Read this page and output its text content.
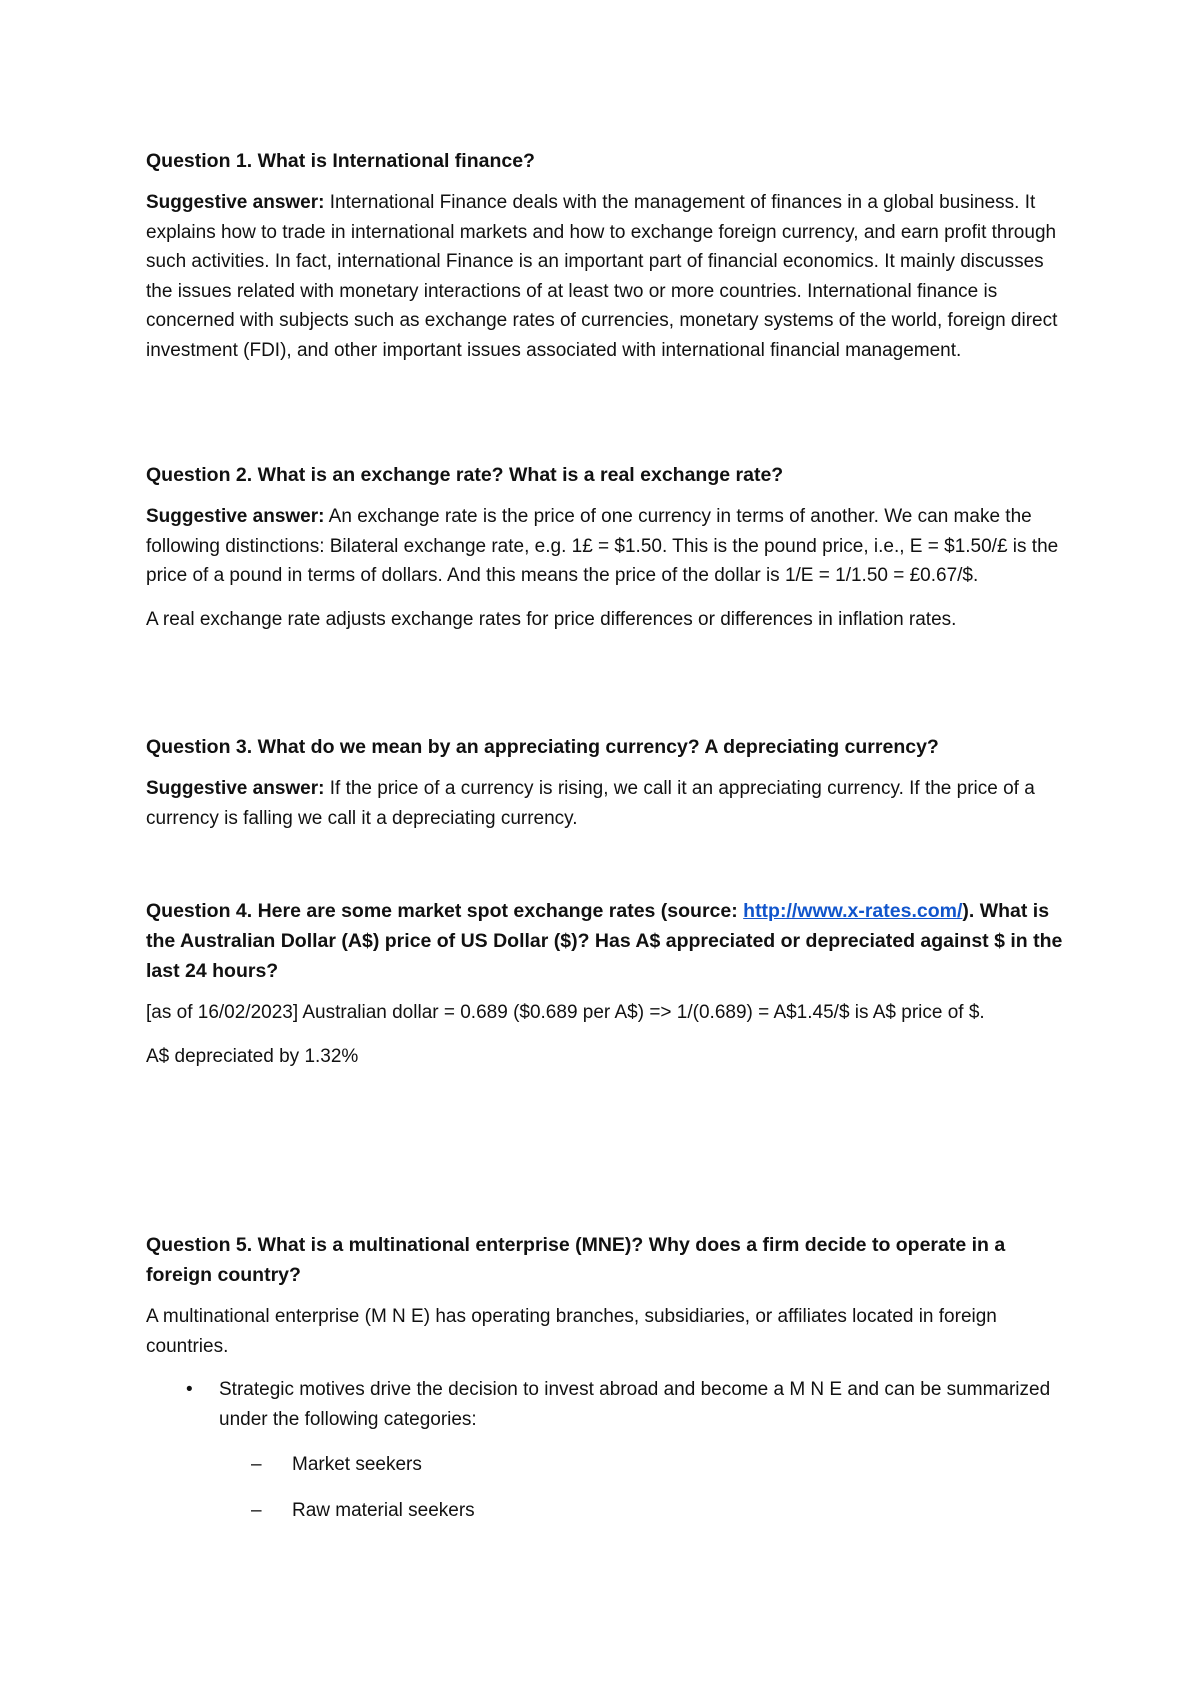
Question 1. What is International finance?

Suggestive answer: International Finance deals with the management of finances in a global business. It explains how to trade in international markets and how to exchange foreign currency, and earn profit through such activities. In fact, international Finance is an important part of financial economics. It mainly discusses the issues related with monetary interactions of at least two or more countries. International finance is concerned with subjects such as exchange rates of currencies, monetary systems of the world, foreign direct investment (FDI), and other important issues associated with international financial management.

Question 2. What is an exchange rate? What is a real exchange rate?

Suggestive answer: An exchange rate is the price of one currency in terms of another. We can make the following distinctions: Bilateral exchange rate, e.g. 1£ = $1.50. This is the pound price, i.e., E = $1.50/£ is the price of a pound in terms of dollars. And this means the price of the dollar is 1/E = 1/1.50 = £0.67/$.

A real exchange rate adjusts exchange rates for price differences or differences in inflation rates.

Question 3. What do we mean by an appreciating currency? A depreciating currency?

Suggestive answer: If the price of a currency is rising, we call it an appreciating currency. If the price of a currency is falling we call it a depreciating currency.

Question 4. Here are some market spot exchange rates (source: http://www.x-rates.com/). What is the Australian Dollar (A$) price of US Dollar ($)? Has A$ appreciated or depreciated against $ in the last 24 hours?

[as of 16/02/2023] Australian dollar = 0.689 ($0.689 per A$) => 1/(0.689) = A$1.45/$ is A$ price of $.

A$ depreciated by 1.32%

Question 5. What is a multinational enterprise (MNE)? Why does a firm decide to operate in a foreign country?

A multinational enterprise (M N E) has operating branches, subsidiaries, or affiliates located in foreign countries.

• Strategic motives drive the decision to invest abroad and become a M N E and can be summarized under the following categories:
– Market seekers
– Raw material seekers
